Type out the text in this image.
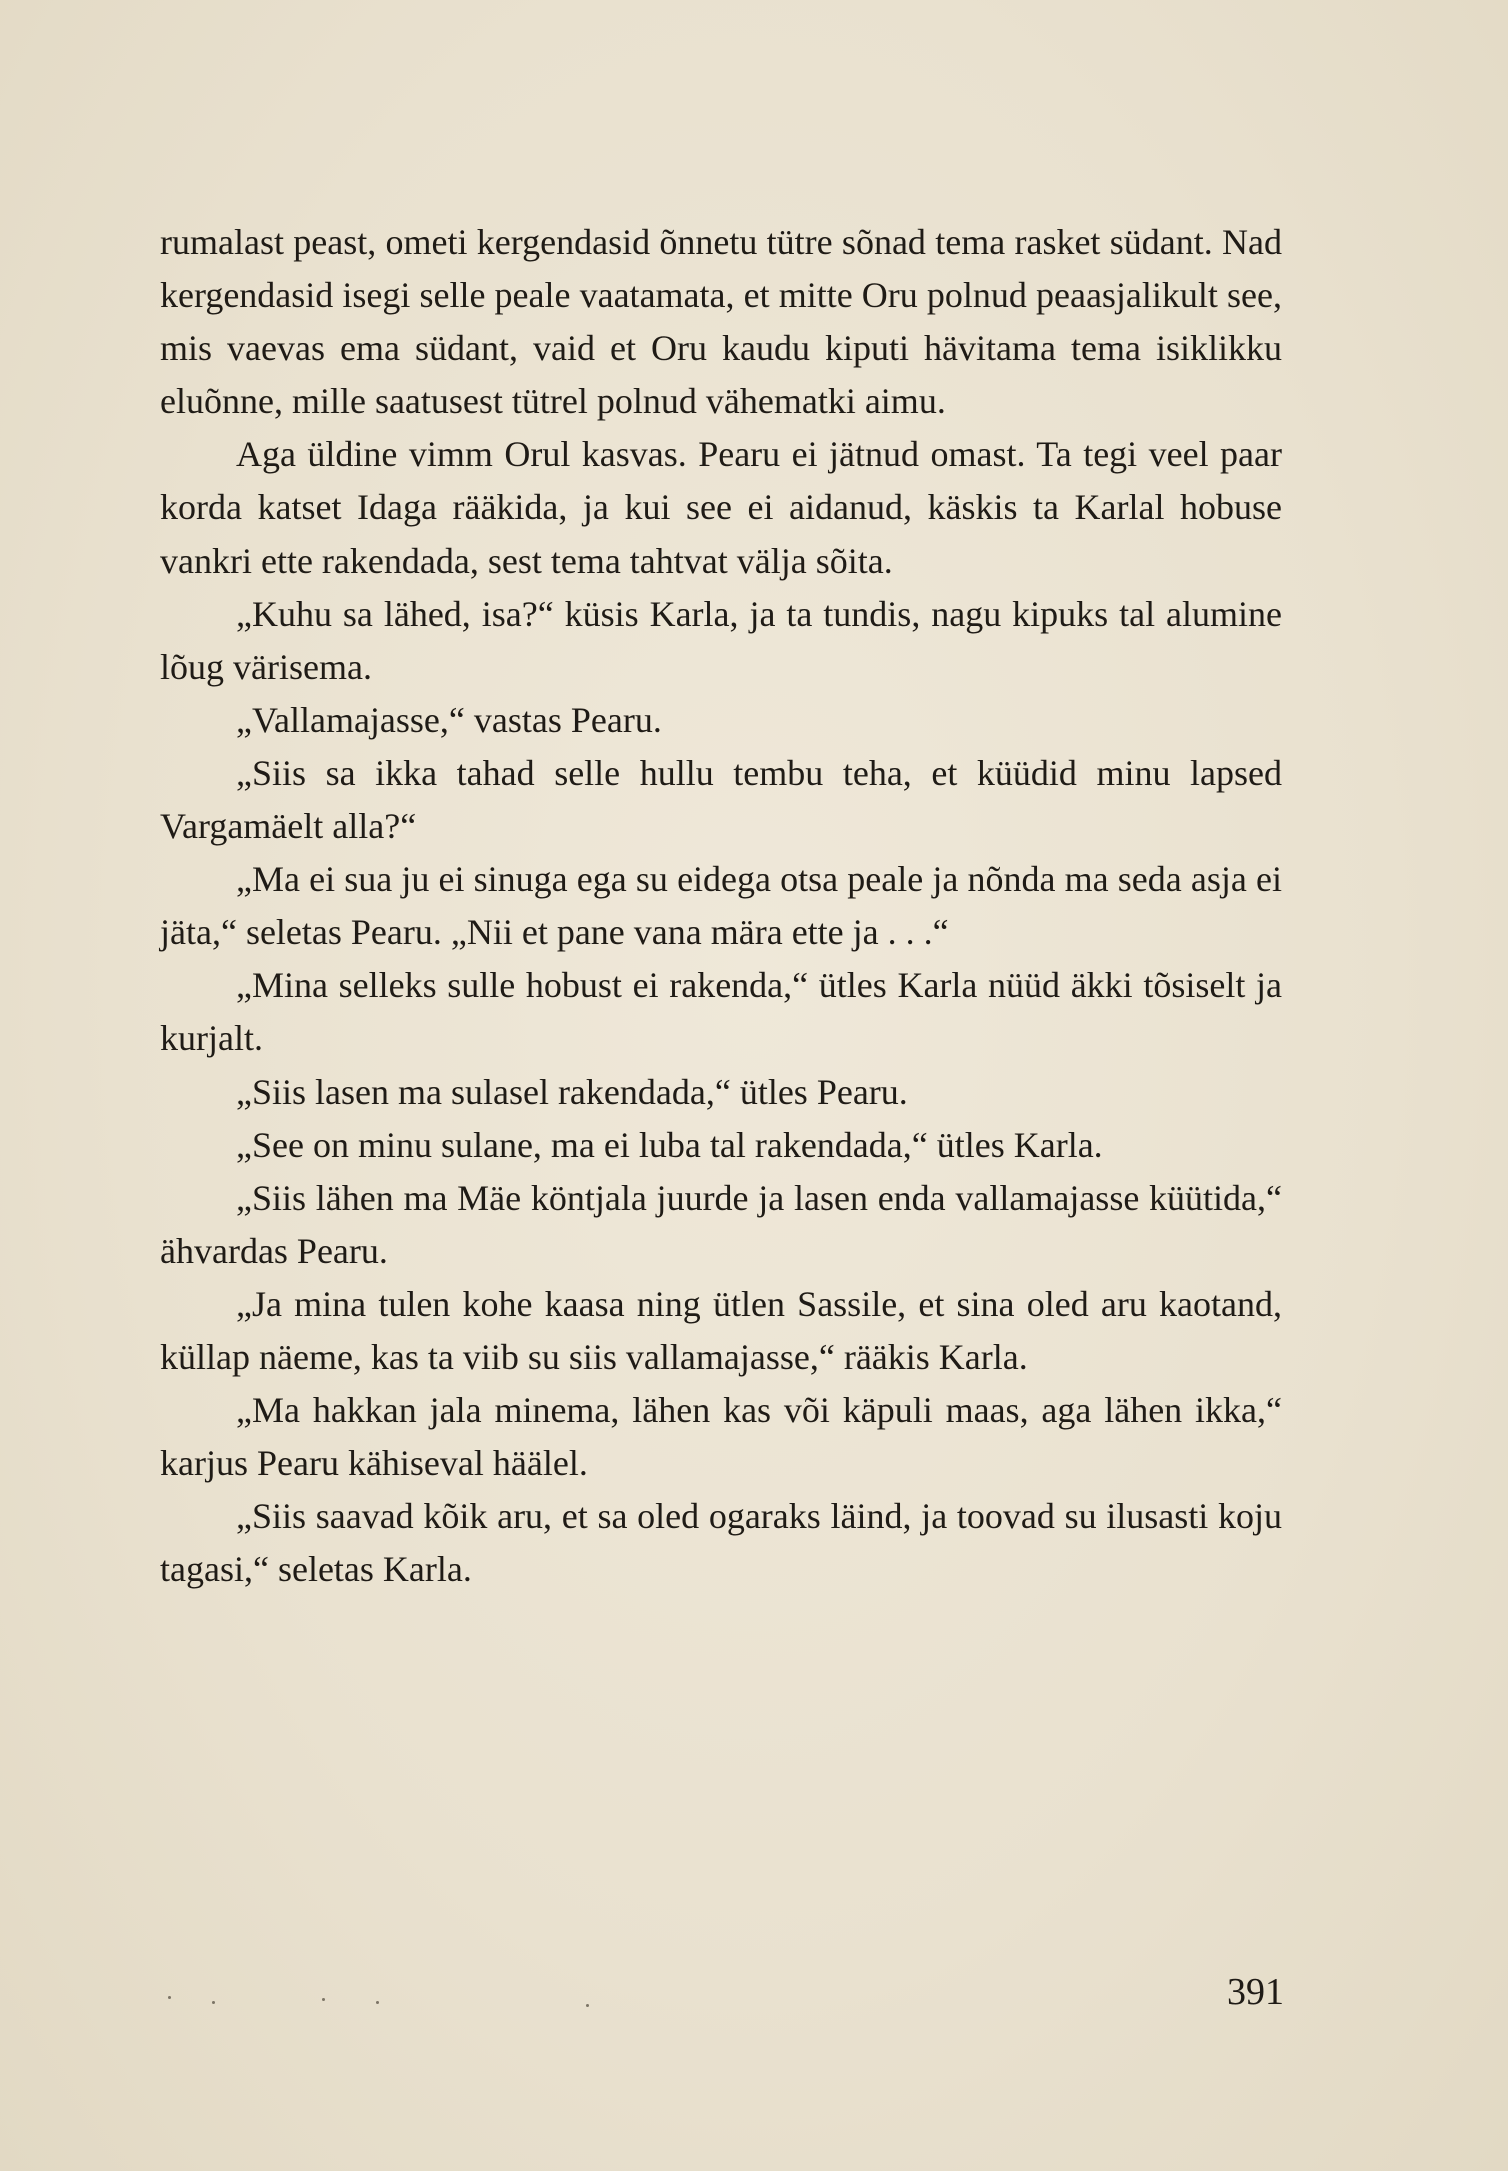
rumalast peast, ometi kergendasid õnnetu tütre sõnad tema rasket südant. Nad kergendasid isegi selle peale vaatamata, et mitte Oru polnud peaasjalikult see, mis vaevas ema südant, vaid et Oru kaudu kiputi hävitama tema isiklikku eluõnne, mille saatusest tütrel polnud vähematki aimu.

Aga üldine vimm Orul kasvas. Pearu ei jätnud omast. Ta tegi veel paar korda katset Idaga rääkida, ja kui see ei aidanud, käskis ta Karlal hobuse vankri ette rakendada, sest tema tahtvat välja sõita.

„Kuhu sa lähed, isa?“ küsis Karla, ja ta tundis, nagu kipuks tal alumine lõug värisema.

„Vallamajasse,“ vastas Pearu.

„Siis sa ikka tahad selle hullu tembu teha, et küüdid minu lapsed Vargamäelt alla?“

„Ma ei sua ju ei sinuga ega su eidega otsa peale ja nõnda ma seda asja ei jäta,“ seletas Pearu. „Nii et pane vana mära ette ja . . .“

„Mina selleks sulle hobust ei rakenda,“ ütles Karla nüüd äkki tõsiselt ja kurjalt.

„Siis lasen ma sulasel rakendada,“ ütles Pearu.

„See on minu sulane, ma ei luba tal rakendada,“ ütles Karla.

„Siis lähen ma Mäe köntjala juurde ja lasen enda vallamajasse küütida,“ ähvardas Pearu.

„Ja mina tulen kohe kaasa ning ütlen Sassile, et sina oled aru kaotand, küllap näeme, kas ta viib su siis vallamajasse,“ rääkis Karla.

„Ma hakkan jala minema, lähen kas või käpuli maas, aga lähen ikka,“ karjus Pearu kähiseval häälel.

„Siis saavad kõik aru, et sa oled ogaraks läind, ja toovad su ilusasti koju tagasi,“ seletas Karla.

391
